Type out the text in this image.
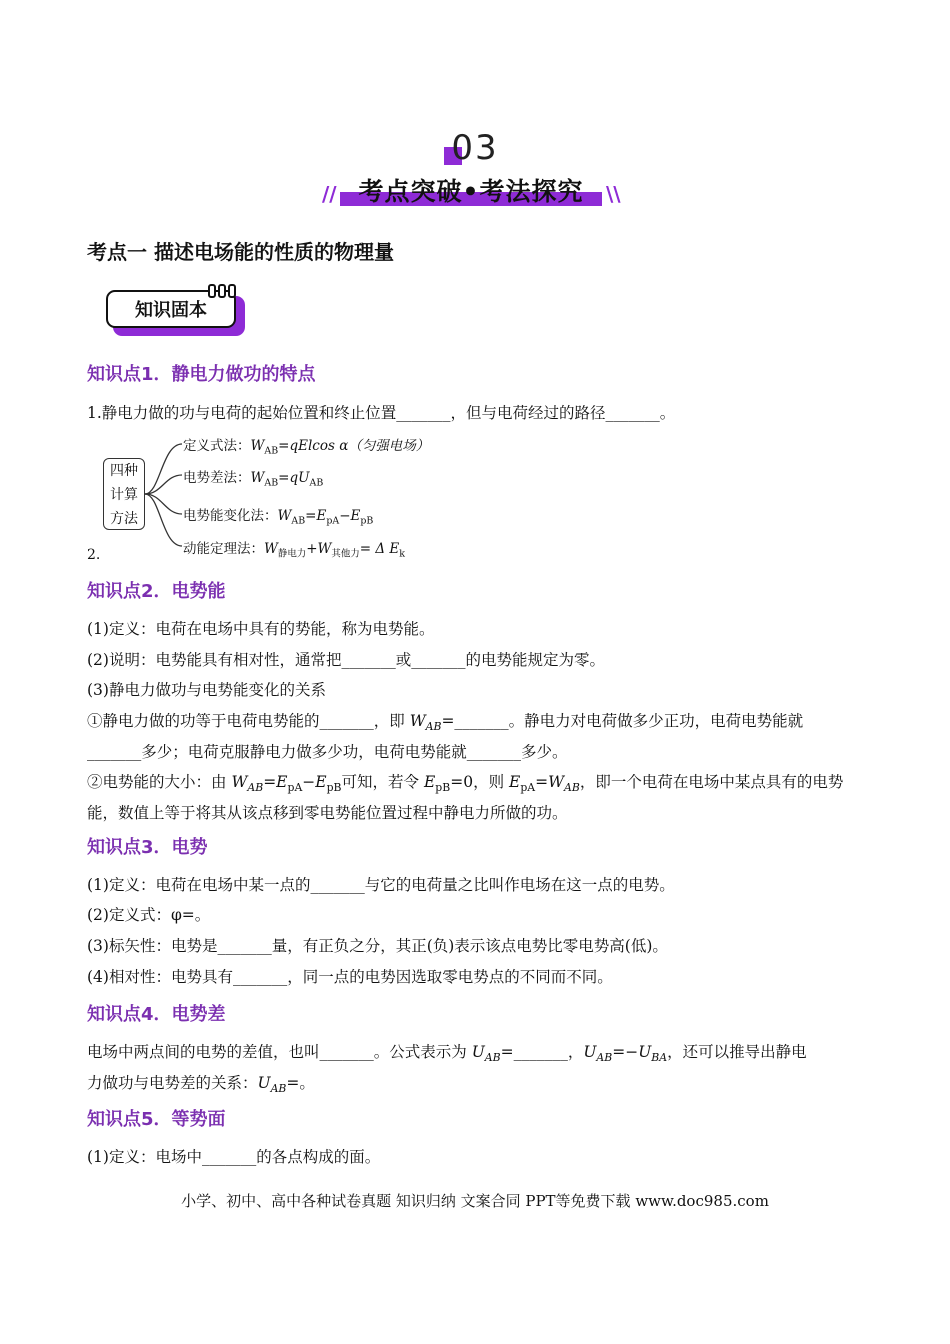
03
考点突破•考法探究
//	\\
考点一 描述电场能的性质的物理量
知识固本
知识点1．静电力做功的特点
1.静电力做的功与电荷的起始位置和终止位置_______，但与电荷经过的路径_______。
四种
计算
方法
定义式法：$W_{AB}=qElcos$ α（匀强电场）
电势差法：$W_{AB}=qU_{AB}$
电势能变化法：$W_{AB}=E_{pA}-E_{pB}$
动能定理法：$W_{静电力}+W_{其他力}= \Delta$ $E_k$
2.
知识点2．电势能
(1)定义：电荷在电场中具有的势能，称为电势能。
(2)说明：电势能具有相对性，通常把_______或_______的电势能规定为零。
(3)静电力做功与电势能变化的关系
①静电力做的功等于电荷电势能的_______，即 $W_{AB}=\_\_\_\_\_\_\_$。静电力对电荷做多少正功，电荷电势能就
_______多少；电荷克服静电力做多少功，电荷电势能就_______多少。
②电势能的大小：由 $W_{AB}=E_{pA}-E_{pB}$可知，若令 $E_{pB}=0$，则 $E_{pA}=W_{AB}$，即一个电荷在电场中某点具有的电势
能，数值上等于将其从该点移到零电势能位置过程中静电力所做的功。
知识点3．电势
(1)定义：电荷在电场中某一点的_______与它的电荷量之比叫作电场在这一点的电势。
(2)定义式：φ=。
(3)标矢性：电势是_______量，有正负之分，其正(负)表示该点电势比零电势高(低)。
(4)相对性：电势具有_______，同一点的电势因选取零电势点的不同而不同。
知识点4．电势差
电场中两点间的电势的差值，也叫_______。公式表示为 $U_{AB}=\_\_\_\_\_\_\_$，$U_{AB}=-U_{BA}$，还可以推导出静电
力做功与电势差的关系：$U_{AB}=$。
知识点5．等势面
(1)定义：电场中_______的各点构成的面。
小学、初中、高中各种试卷真题 知识归纳 文案合同 PPT等免费下载 www.doc985.com
